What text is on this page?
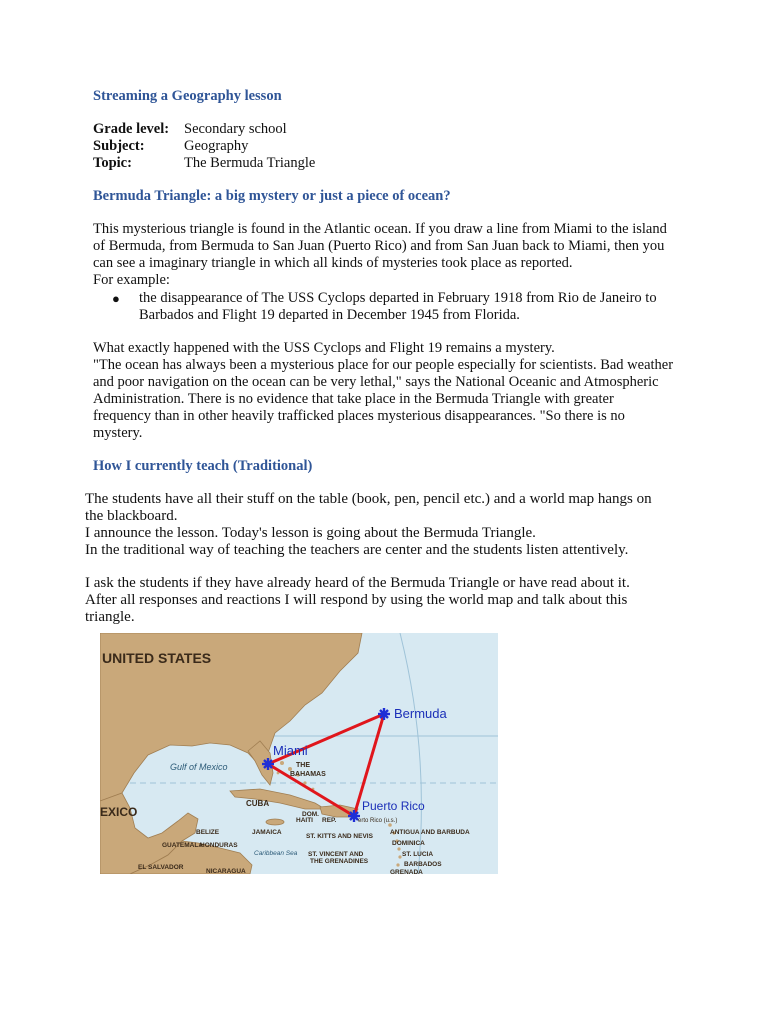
Streaming a Geography lesson
Grade level: Secondary school
Subject:	Geography
Topic:	The Bermuda Triangle
Bermuda Triangle: a big mystery or just a piece of ocean?

This mysterious triangle is found in the Atlantic ocean. If you draw a line from Miami to the island

of Bermuda, from Bermuda to San Juan (Puerto Rico) and from San Juan back to Miami, then you

can see a imaginary triangle in which all kinds of mysteries took place as reported.

For example:

● the disappearance of The USS Cyclops departed in February 1918 from Rio de Janeiro to
Barbados and Flight 19 departed in December 1945 from Florida.

What exactly happened with the USS Cyclops and Flight 19 remains a mystery.

"The ocean has always been a mysterious place for our people especially for scientists. Bad weather

and poor navigation on the ocean can be very lethal," says the National Oceanic and Atmospheric

Administration. There is no evidence that take place in the Bermuda Triangle with greater

frequency than in other heavily trafficked places mysterious disappearances. "So there is no

mystery.

How I currently teach (Traditional)

The students have all their stuff on the table (book, pen, pencil etc.) and a world map hangs on

the blackboard.

I announce the lesson. Today's lesson is going about the Bermuda Triangle.

In the traditional way of teaching the teachers are center and the students listen attentively.

I ask the students if they have already heard of the Bermuda Triangle or have read about it.

After all responses and reactions I will respond by using the world map and talk about this

triangle.

UNITED STATES
Bermuda
Miami
Gulf of Mexico	THE
BAHAMAS
EXICO
CUBA	Puerto Rico
erto Rico (u.s.)
DOM.
HAITI REP.
BELIZE	JAMAICA
GUATEMALA
HONDURAS
Caribbean Sea
ST. KITTS AND NEVIS
ANTIGUA AND BARBUDA
DOMINICA
ST. LUCIA
ST. VINCENT AND
THE GRENADINES	BARBADOS
GRENADA
EL SALVADOR
NICARAGUA
